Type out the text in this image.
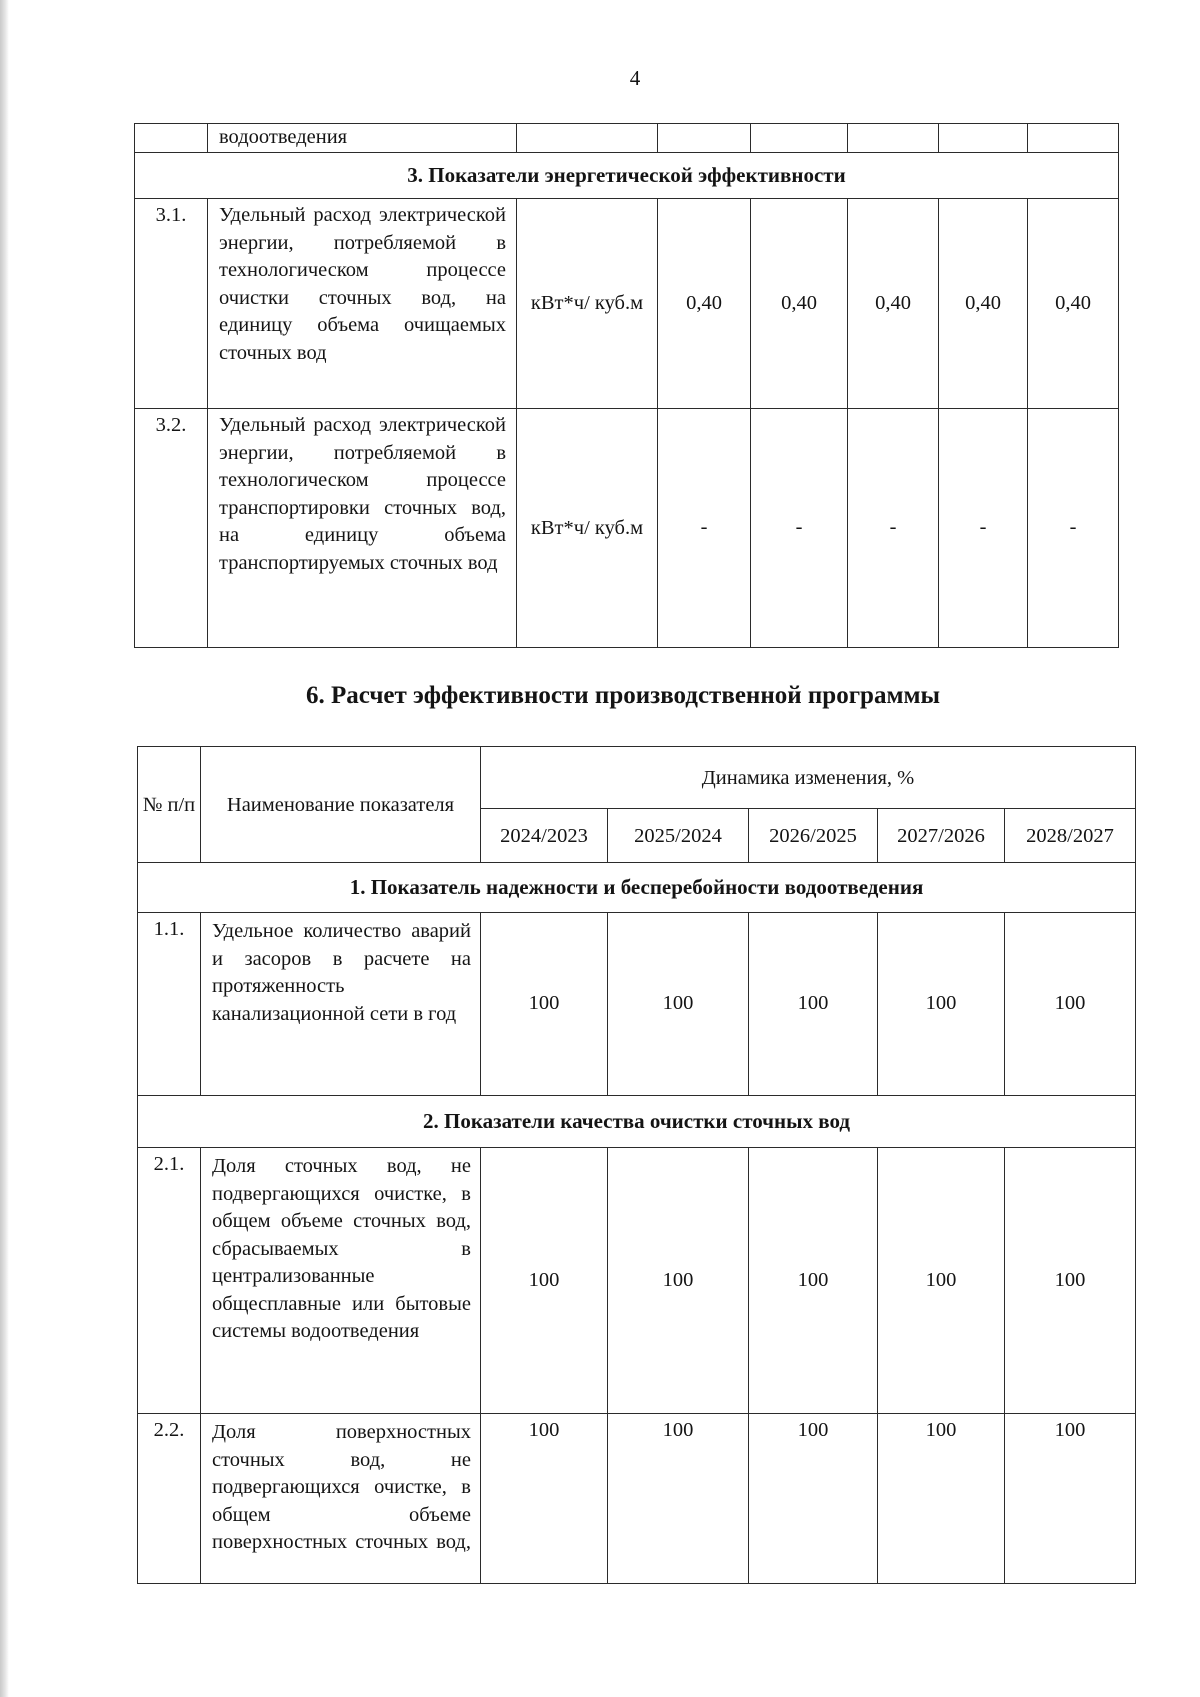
4
	водоотведения						
3. Показатели энергетической эффективности							
3.1.	Удельный расход электрической энергии, потребляемой в технологическом процессе очистки сточных вод, на единицу объема очищаемых сточных вод	кВт*ч/ куб.м	0,40	0,40	0,40	0,40	0,40
3.2.	Удельный расход электрической энергии, потребляемой в технологическом процессе транспортировки сточных вод, на единицу объема транспортируемых сточных вод	кВт*ч/ куб.м	-	-	-	-	-
6. Расчет эффективности производственной программы
№ п/п	Наименование показателя	Динамика изменения, %				
		2024/2023	2025/2024	2026/2025	2027/2026	2028/2027
1. Показатель надежности и бесперебойности водоотведения						
1.1.	Удельное количество аварий и засоров в расчете на протяженность канализационной сети в год	100	100	100	100	100
2. Показатели качества очистки сточных вод						
2.1.	Доля сточных вод, не подвергающихся очистке, в общем объеме сточных вод, сбрасываемых в централизованные общесплавные или бытовые системы водоотведения	100	100	100	100	100
2.2.	Доля поверхностных сточных вод, не подвергающихся очистке, в общем объеме поверхностных сточных вод,	100	100	100	100	100
